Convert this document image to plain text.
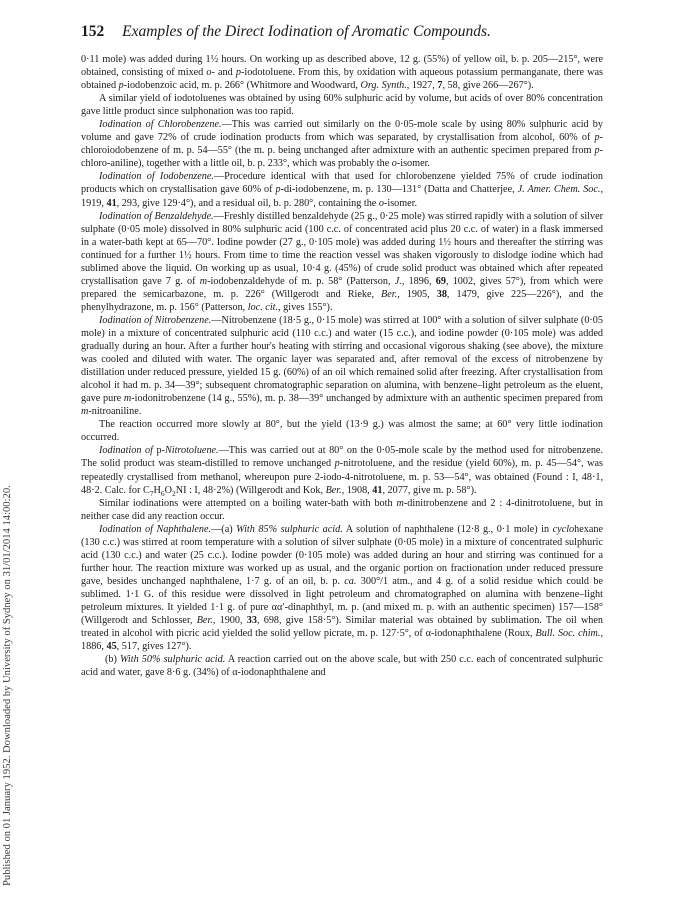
152 Examples of the Direct Iodination of Aromatic Compounds.
Published on 01 January 1952. Downloaded by University of Sydney on 31/01/2014 14:00:20.

0·11 mole) was added during 1½ hours. On working up as described above, 12 g. (55%) of yellow oil, b. p. 205—215°, were obtained, consisting of mixed o- and p-iodotoluene. From this, by oxidation with aqueous potassium permanganate, there was obtained p-iodobenzoic acid, m. p. 266° (Whitmore and Woodward, Org. Synth., 1927, 7, 58, give 266—267°).

A similar yield of iodotoluenes was obtained by using 60% sulphuric acid by volume, but acids of over 80% concentration gave little product since sulphonation was too rapid.

Iodination of Chlorobenzene.—This was carried out similarly on the 0·05-mole scale by using 80% sulphuric acid by volume and gave 72% of crude iodination products from which was separated, by crystallisation from alcohol, 60% of p-chloroiodobenzene of m. p. 54—55° (the m. p. being unchanged after admixture with an authentic specimen prepared from p-chloro-aniline), together with a little oil, b. p. 233°, which was probably the o-isomer.

Iodination of Iodobenzene.—Procedure identical with that used for chlorobenzene yielded 75% of crude iodination products which on crystallisation gave 60% of p-di-iodobenzene, m. p. 130—131° (Datta and Chatterjee, J. Amer. Chem. Soc., 1919, 41, 293, give 129·4°), and a residual oil, b. p. 280°, containing the o-isomer.

Iodination of Benzaldehyde.—Freshly distilled benzaldehyde (25 g., 0·25 mole) was stirred rapidly with a solution of silver sulphate (0·05 mole) dissolved in 80% sulphuric acid (100 c.c. of concentrated acid plus 20 c.c. of water) in a flask immersed in a water-bath kept at 65—70°. Iodine powder (27 g., 0·105 mole) was added during 1½ hours and thereafter the stirring was continued for a further 1½ hours. From time to time the reaction vessel was shaken vigorously to dislodge iodine which had sublimed above the liquid. On working up as usual, 10·4 g. (45%) of crude solid product was obtained which after repeated crystallisation gave 7 g. of m-iodobenzaldehyde of m. p. 58° (Patterson, J., 1896, 69, 1002, gives 57°), from which were prepared the semicarbazone, m. p. 226° (Willgerodt and Rieke, Ber., 1905, 38, 1479, give 225—226°), and the phenylhydrazone, m. p. 156° (Patterson, loc. cit., gives 155°).

Iodination of Nitrobenzene.—Nitrobenzene (18·5 g., 0·15 mole) was stirred at 100° with a solution of silver sulphate (0·05 mole) in a mixture of concentrated sulphuric acid (110 c.c.) and water (15 c.c.), and iodine powder (0·105 mole) was added gradually during an hour. After a further hour's heating with stirring and occasional vigorous shaking (see above), the mixture was cooled and diluted with water. The organic layer was separated and, after removal of the excess of nitrobenzene by distillation under reduced pressure, yielded 15 g. (60%) of an oil which remained solid after freezing. After crystallisation from alcohol it had m. p. 34—39°; subsequent chromatographic separation on alumina, with benzene–light petroleum as the eluent, gave pure m-iodonitrobenzene (14 g., 55%), m. p. 38—39° unchanged by admixture with an authentic specimen prepared from m-nitroaniline.

The reaction occurred more slowly at 80°, but the yield (13·9 g.) was almost the same; at 60° very little iodination occurred.

Iodination of p-Nitrotoluene.—This was carried out at 80° on the 0·05-mole scale by the method used for nitrobenzene. The solid product was steam-distilled to remove unchanged p-nitrotoluene, and the residue (yield 60%), m. p. 45—54°, was repeatedly crystallised from methanol, whereupon pure 2-iodo-4-nitrotoluene, m. p. 53—54°, was obtained (Found : I, 48·1, 48·2. Calc. for $C_7H_6O_2NI$ : I, 48·2%) (Willgerodt and Kok, Ber., 1908, 41, 2077, give m. p. 58°).

Similar iodinations were attempted on a boiling water-bath with both m-dinitrobenzene and 2 : 4-dinitrotoluene, but in neither case did any reaction occur.

Iodination of Naphthalene.—(a) With 85% sulphuric acid. A solution of naphthalene (12·8 g., 0·1 mole) in cyclohexane (130 c.c.) was stirred at room temperature with a solution of silver sulphate (0·05 mole) in a mixture of concentrated sulphuric acid (130 c.c.) and water (25 c.c.). Iodine powder (0·105 mole) was added during an hour and stirring was continued for a further hour. The reaction mixture was worked up as usual, and the organic portion on fractionation under reduced pressure gave, besides unchanged naphthalene, 1·7 g. of an oil, b. p. ca. 300°/1 atm., and 4 g. of a solid residue which could be sublimed. 1·1 G. of this residue were dissolved in light petroleum and chromatographed on alumina with benzene–light petroleum mixtures. It yielded 1·1 g. of pure αα′-dinaphthyl, m. p. (and mixed m. p. with an authentic specimen) 157—158° (Willgerodt and Schlosser, Ber., 1900, 33, 698, give 158·5°). Similar material was obtained by sublimation. The oil when treated in alcohol with picric acid yielded the solid yellow picrate, m. p. 127·5°, of α-iodonaphthalene (Roux, Bull. Soc. chim., 1886, 45, 517, gives 127°).

(b) With 50% sulphuric acid. A reaction carried out on the above scale, but with 250 c.c. each of concentrated sulphuric acid and water, gave 8·6 g. (34%) of α-iodonaphthalene and
